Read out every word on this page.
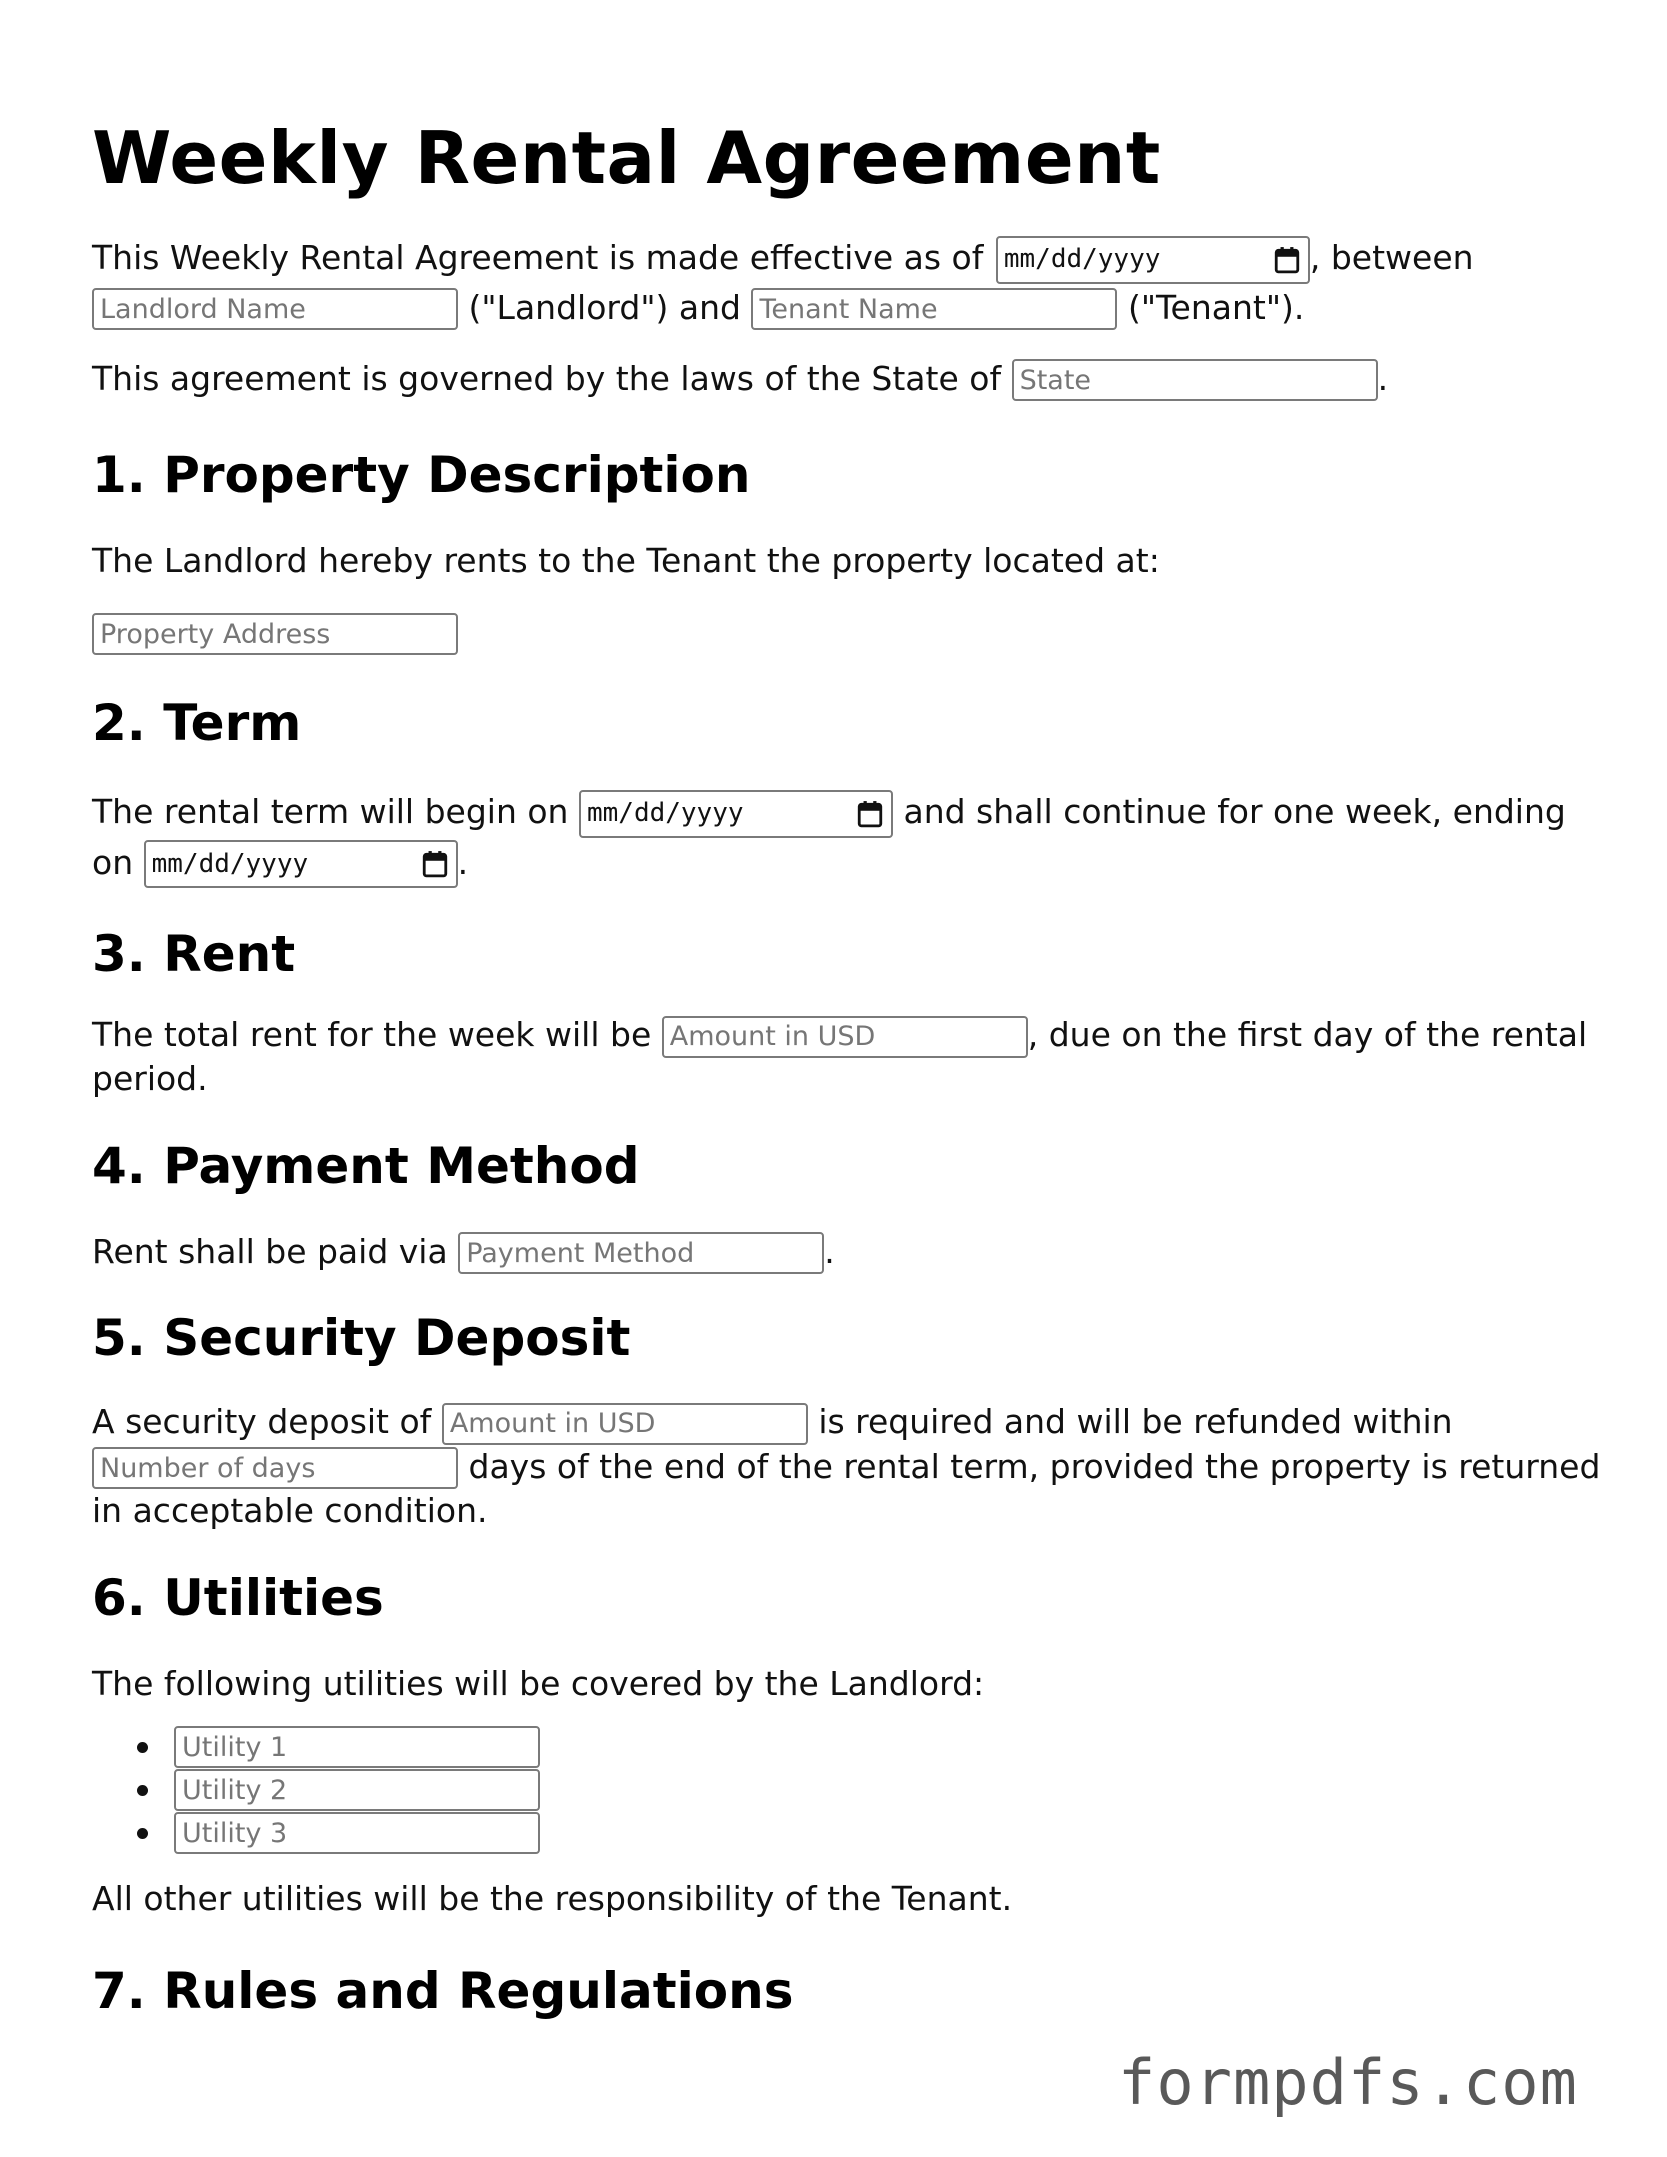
Weekly Rental Agreement

This Weekly Rental Agreement is made effective as of mm/dd/yyyy	, between
Landlord Name ("Landlord") and Tenant Name	("Tenant").

This agreement is governed by the laws of the State of State	.

1. Property Description

The Landlord hereby rents to the Tenant the property located at:

Property Address
2. Term

The rental term will begin on mm/dd/yyyy	and shall continue for one week, ending on mm/dd/yyyy	.

3. Rent

The total rent for the week will be Amount in USD	, due on the first day of the rental period.

4. Payment Method

Rent shall be paid via Payment Method	.

5. Security Deposit

A security deposit of Amount in USD	is required and will be refunded within Number of days days of the end of the rental term, provided the property is returned in acceptable condition.

6. Utilities

The following utilities will be covered by the Landlord:

Utility 1
Utility 2
Utility 3

All other utilities will be the responsibility of the Tenant.

7. Rules and Regulations
formpdfs.com
